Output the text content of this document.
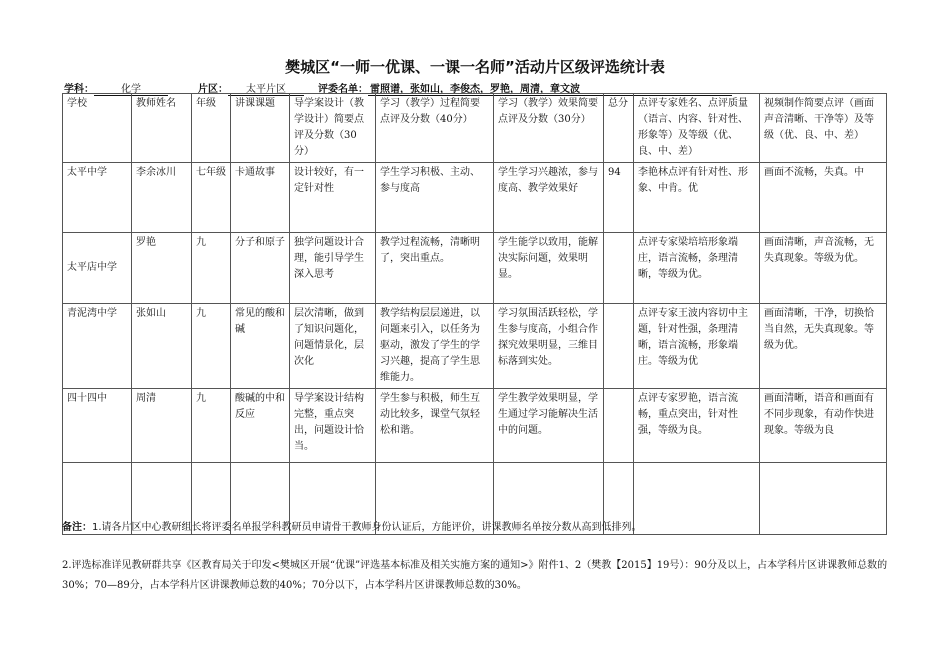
樊城区“一师一优课、一课一名师”活动片区级评选统计表
学科：	化学	片区： 太平片区	评委名单： 雷照谱，张如山，李俊杰，罗艳，周清，章文波
学校	教师姓名	年级	讲课课题	导学案设计（教学设计）简要点评及分数（30分）	学习（教学）过程简要点评及分数（40分）	学习（教学）效果简要点评及分数（30分）	总分	点评专家姓名、点评质量（语言、内容、针对性、形象等）及等级（优、良、中、差）	视频制作简要点评（画面声音清晰、干净等）及等级（优、良、中、差）
太平中学	李余冰川	七年级	卡通故事	设计较好，有一定针对性	学生学习积极、主动、参与度高	学生学习兴趣浓，参与度高、教学效果好	94	李艳林点评有针对性、形象、中肯。优	画面不流畅，失真。中
太平店中学	罗艳	九	分子和原子	独学问题设计合理，能引导学生深入思考	教学过程流畅，清晰明了，突出重点。	学生能学以致用，能解决实际问题，效果明显。		点评专家梁培培形象端庄，语言流畅，条理清晰，等级为优。	画面清晰，声音流畅，无失真现象。等级为优。
青泥湾中学	张如山	九	常见的酸和碱	层次清晰，做到了知识问题化，问题情景化，层次化	教学结构层层递进，以问题来引入，以任务为驱动，激发了学生的学习兴趣，提高了学生思维能力。	学习氛围活跃轻松，学生参与度高，小组合作探究效果明显，三维目标落到实处。		点评专家王波内容切中主题，针对性强，条理清晰，语言流畅，形象端庄。等级为优	画面清晰，干净，切换恰当自然，无失真现象。等级为优。
四十四中	周清	九	酸碱的中和反应	导学案设计结构完整，重点突出，问题设计恰当。	学生参与积极，师生互动比较多，课堂气氛轻松和谐。	学生教学效果明显，学生通过学习能解决生活中的问题。		点评专家罗艳，语言流畅，重点突出，针对性强，等级为良。	画面清晰，语音和画面有不同步现象，有动作快进现象。等级为良

备注：1.请各片区中心教研组长将评委名单报学科教研员申请骨干教师身份认证后，方能评价，讲课教师名单按分数从高到低排列。
2.评选标准详见教研群共享《区教育局关于印发<樊城区开展“优课”评选基本标准及相关实施方案的通知>》附件1、2（樊教【2015】19号）：90分及以上，占本学科片区讲课教师总数的30%；70—89分，占本学科片区讲课教师总数的40%；70分以下，占本学科片区讲课教师总数的30%。
